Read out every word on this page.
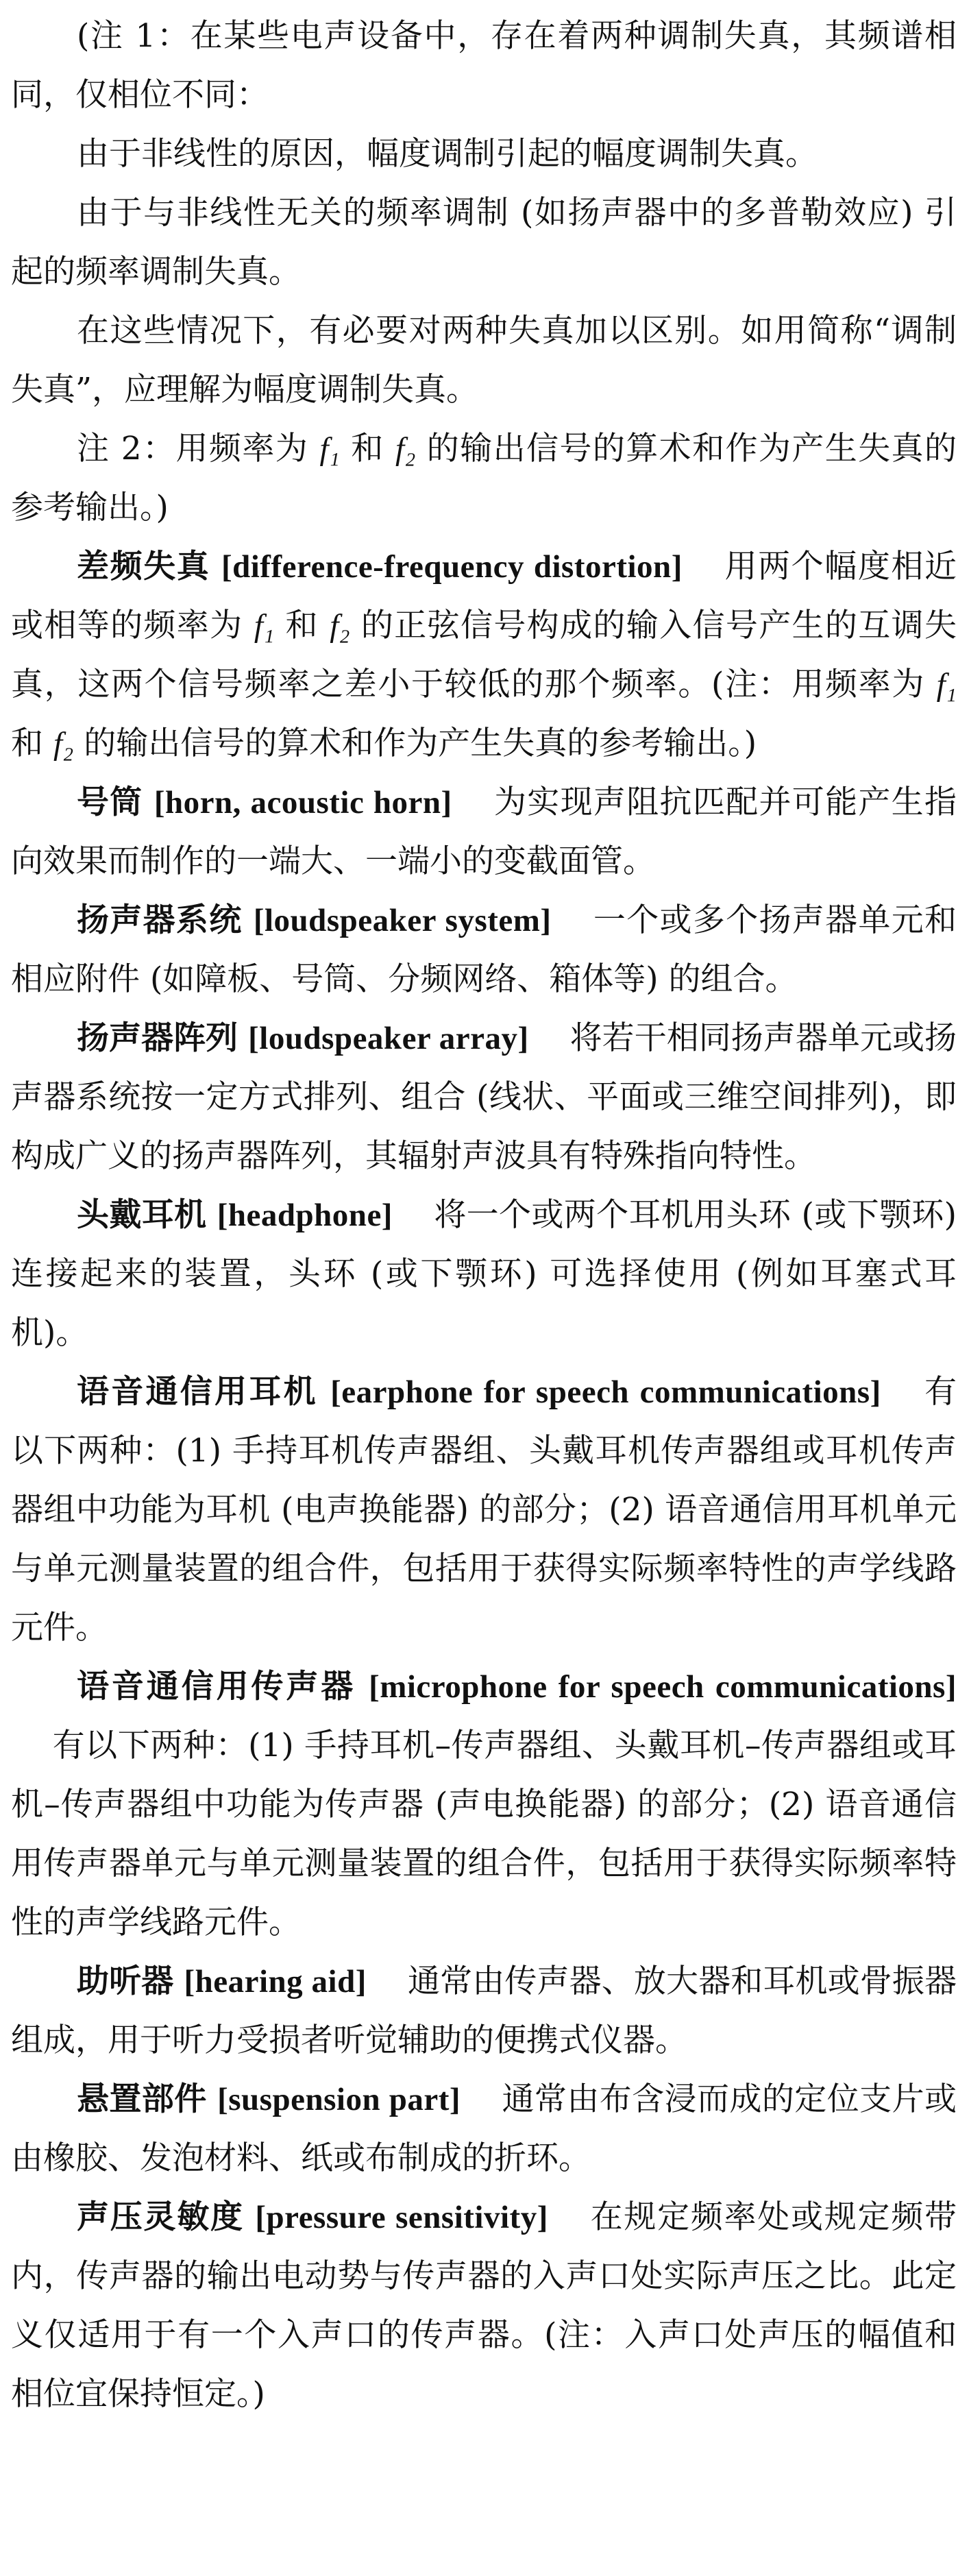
(注 1：在某些电声设备中，存在着两种调制失真，其频谱相同，仅相位不同：

由于非线性的原因，幅度调制引起的幅度调制失真。

由于与非线性无关的频率调制 (如扬声器中的多普勒效应) 引起的频率调制失真。

在这些情况下，有必要对两种失真加以区别。如用简称“调制失真”，应理解为幅度调制失真。

注 2：用频率为 f₁ 和 f₂ 的输出信号的算术和作为产生失真的参考输出。)

差频失真 [difference-frequency distortion] 用两个幅度相近或相等的频率为 f₁ 和 f₂ 的正弦信号构成的输入信号产生的互调失真，这两个信号频率之差小于较低的那个频率。(注：用频率为 f₁ 和 f₂ 的输出信号的算术和作为产生失真的参考输出。)

号筒 [horn, acoustic horn] 为实现声阻抗匹配并可能产生指向效果而制作的一端大、一端小的变截面管。

扬声器系统 [loudspeaker system] 一个或多个扬声器单元和相应附件 (如障板、号筒、分频网络、箱体等) 的组合。

扬声器阵列 [loudspeaker array] 将若干相同扬声器单元或扬声器系统按一定方式排列、组合 (线状、平面或三维空间排列)，即构成广义的扬声器阵列，其辐射声波具有特殊指向特性。

头戴耳机 [headphone] 将一个或两个耳机用头环 (或下颚环) 连接起来的装置，头环 (或下颚环) 可选择使用 (例如耳塞式耳机)。

语音通信用耳机 [earphone for speech communications] 有以下两种：(1) 手持耳机传声器组、头戴耳机传声器组或耳机传声器组中功能为耳机 (电声换能器) 的部分；(2) 语音通信用耳机单元与单元测量装置的组合件，包括用于获得实际频率特性的声学线路元件。

语音通信用传声器 [microphone for speech communications]有以下两种：(1) 手持耳机–传声器组、头戴耳机–传声器组或耳机–传声器组中功能为传声器 (声电换能器) 的部分；(2) 语音通信用传声器单元与单元测量装置的组合件，包括用于获得实际频率特性的声学线路元件。

助听器 [hearing aid] 通常由传声器、放大器和耳机或骨振器组成，用于听力受损者听觉辅助的便携式仪器。

悬置部件 [suspension part] 通常由布含浸而成的定位支片或由橡胶、发泡材料、纸或布制成的折环。

声压灵敏度 [pressure sensitivity] 在规定频率处或规定频带内，传声器的输出电动势与传声器的入声口处实际声压之比。此定义仅适用于有一个入声口的传声器。(注：入声口处声压的幅值和相位宜保持恒定。)
